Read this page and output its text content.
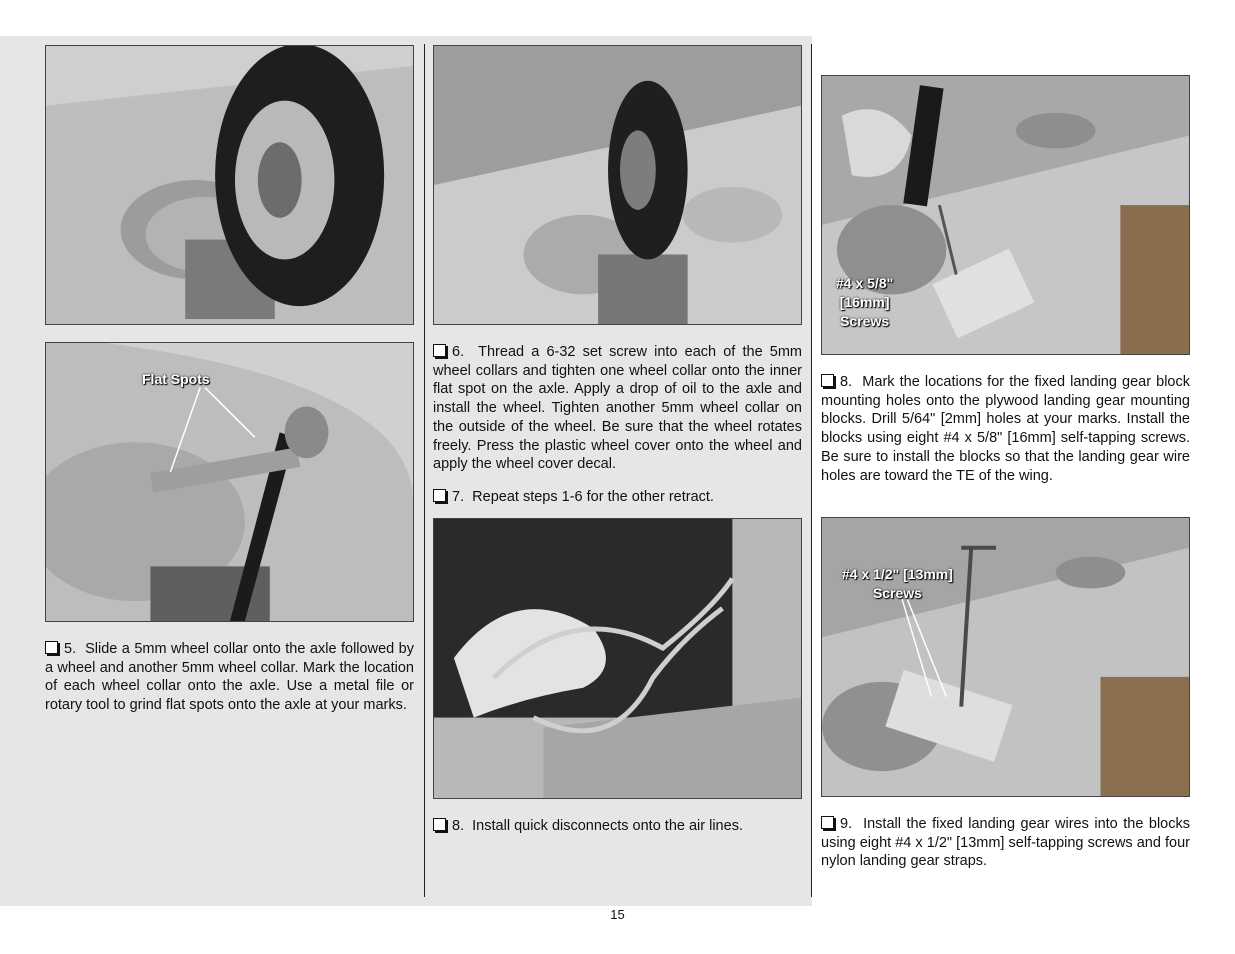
Flat Spots
5. Slide a 5mm wheel collar onto the axle followed by a wheel and another 5mm wheel collar. Mark the location of each wheel collar onto the axle. Use a metal file or rotary tool to grind flat spots onto the axle at your marks.
6. Thread a 6-32 set screw into each of the 5mm wheel collars and tighten one wheel collar onto the inner flat spot on the axle. Apply a drop of oil to the axle and install the wheel. Tighten another 5mm wheel collar on the outside of the wheel. Be sure that the wheel rotates freely. Press the plastic wheel cover onto the wheel and apply the wheel cover decal.
7. Repeat steps 1-6 for the other retract.
8. Install quick disconnects onto the air lines.
#4 x 5/8"
[16mm]
Screws
8. Mark the locations for the fixed landing gear block mounting holes onto the plywood landing gear mounting blocks. Drill 5/64" [2mm] holes at your marks. Install the blocks using eight #4 x 5/8" [16mm] self-tapping screws. Be sure to install the blocks so that the landing gear wire holes are toward the TE of the wing.
#4 x 1/2" [13mm]
Screws
9. Install the fixed landing gear wires into the blocks using eight #4 x 1/2" [13mm] self-tapping screws and four nylon landing gear straps.
15
